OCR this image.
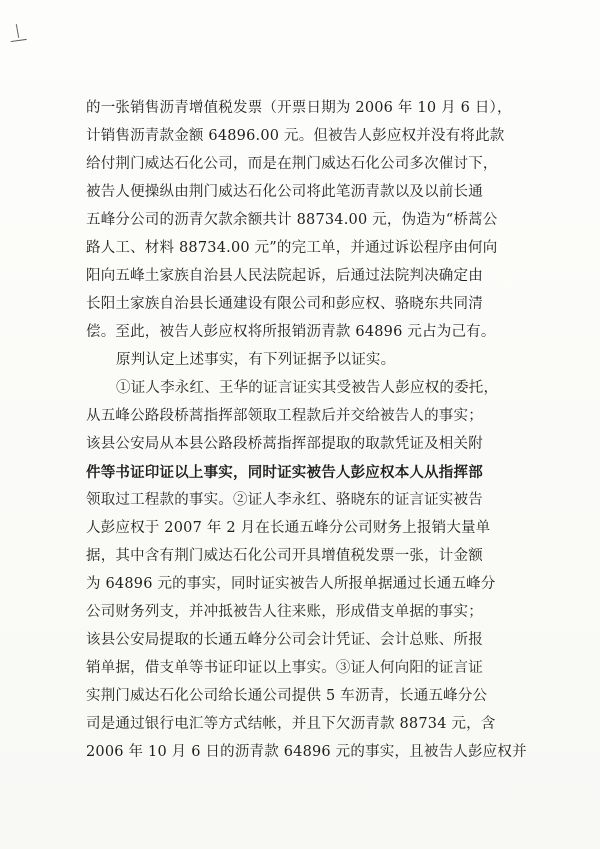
的一张销售沥青增值税发票（开票日期为 2006 年 10 月 6 日），
计销售沥青款金额 64896.00 元。但被告人彭应权并没有将此款
给付荆门威达石化公司，而是在荆门威达石化公司多次催讨下，
被告人便操纵由荆门威达石化公司将此笔沥青款以及以前长通
五峰分公司的沥青欠款余额共计 88734.00 元，伪造为“桥蒿公
路人工、材料 88734.00 元”的完工单，并通过诉讼程序由何向
阳向五峰土家族自治县人民法院起诉，后通过法院判决确定由
长阳土家族自治县长通建设有限公司和彭应权、骆晓东共同清
偿。至此，被告人彭应权将所报销沥青款 64896 元占为己有。
原判认定上述事实，有下列证据予以证实。
①证人李永红、王华的证言证实其受被告人彭应权的委托，
从五峰公路段桥蒿指挥部领取工程款后并交给被告人的事实；
该县公安局从本县公路段桥蒿指挥部提取的取款凭证及相关附
件等书证印证以上事实，同时证实被告人彭应权本人从指挥部
领取过工程款的事实。②证人李永红、骆晓东的证言证实被告
人彭应权于 2007 年 2 月在长通五峰分公司财务上报销大量单
据，其中含有荆门威达石化公司开具增值税发票一张，计金额
为 64896 元的事实，同时证实被告人所报单据通过长通五峰分
公司财务列支，并冲抵被告人往来账，形成借支单据的事实；
该县公安局提取的长通五峰分公司会计凭证、会计总账、所报
销单据，借支单等书证印证以上事实。③证人何向阳的证言证
实荆门威达石化公司给长通公司提供 5 车沥青，长通五峰分公
司是通过银行电汇等方式结帐，并且下欠沥青款 88734 元，含
2006 年 10 月 6 日的沥青款 64896 元的事实，且被告人彭应权并
